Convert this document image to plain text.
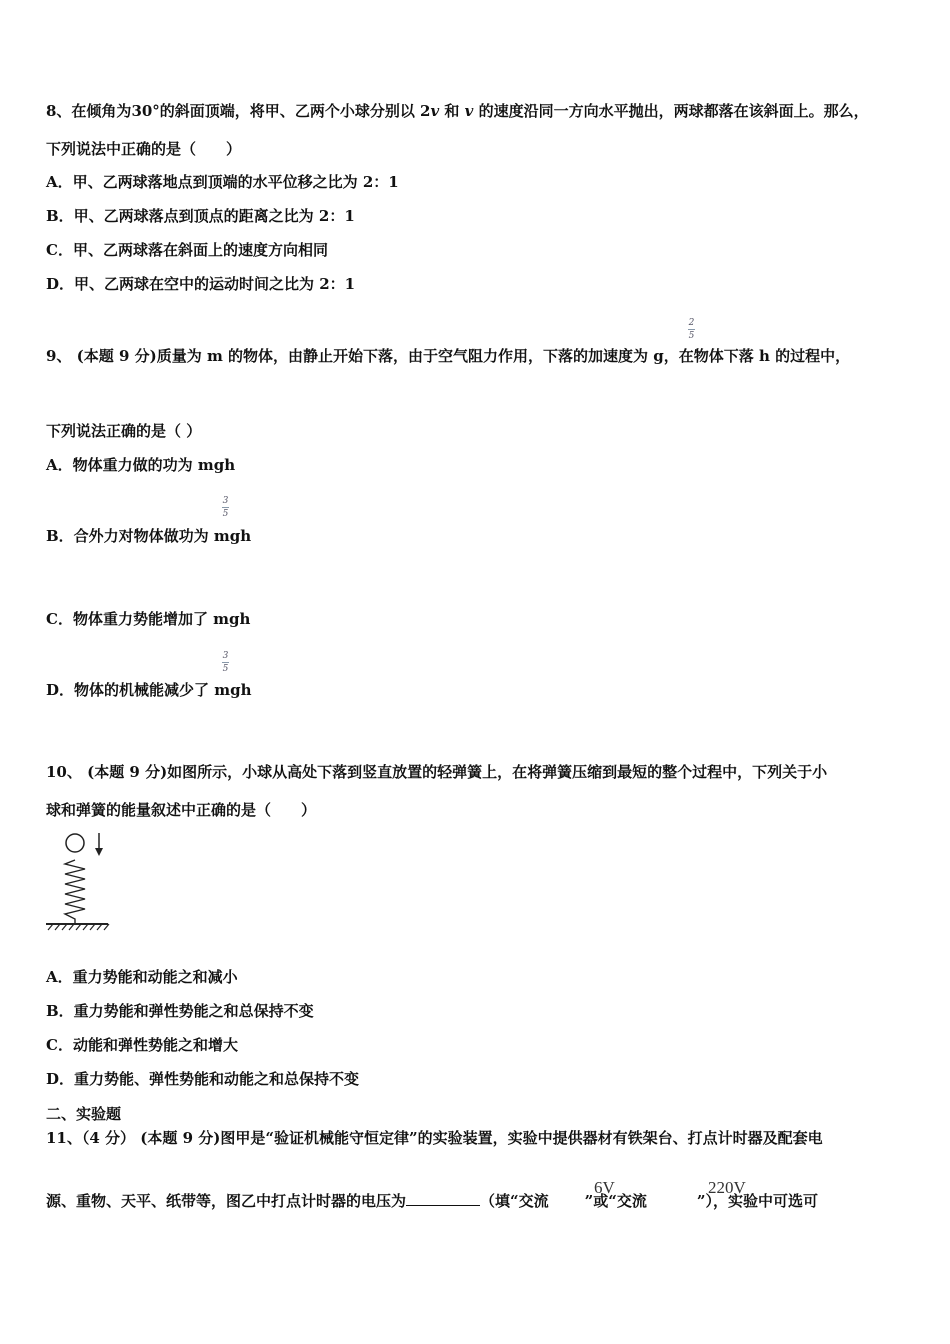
8、在倾角为30°的斜面顶端，将甲、乙两个小球分别以 2v 和 v 的速度沿同一方向水平抛出，两球都落在该斜面上。那么，
下列说法中正确的是（　　）
A．甲、乙两球落地点到顶端的水平位移之比为 2：1
B．甲、乙两球落点到顶点的距离之比为 2：1
C．甲、乙两球落在斜面上的速度方向相同
D．甲、乙两球在空中的运动时间之比为 2：1
2
5
9、 (本题 9 分)质量为 m 的物体，由静止开始下落，由于空气阻力作用，下落的加速度为 g，在物体下落 h 的过程中，
下列说法正确的是（ ）
A．物体重力做的功为 mgh
3
5
B．合外力对物体做功为 mgh
C．物体重力势能增加了 mgh
3
5
D．物体的机械能减少了 mgh
10、 (本题 9 分)如图所示，小球从高处下落到竖直放置的轻弹簧上，在将弹簧压缩到最短的整个过程中，下列关于小
球和弹簧的能量叙述中正确的是（　　）
A．重力势能和动能之和减小
B．重力势能和弹性势能之和总保持不变
C．动能和弹性势能之和增大
D．重力势能、弹性势能和动能之和总保持不变
二、实验题
11、（4 分） (本题 9 分)图甲是“验证机械能守恒定律”的实验装置，实验中提供器材有铁架台、打点计时器及配套电
6V	220V
源、重物、天平、纸带等，图乙中打点计时器的电压为	（填“交流 ”或“交流	”），实验中可选可
